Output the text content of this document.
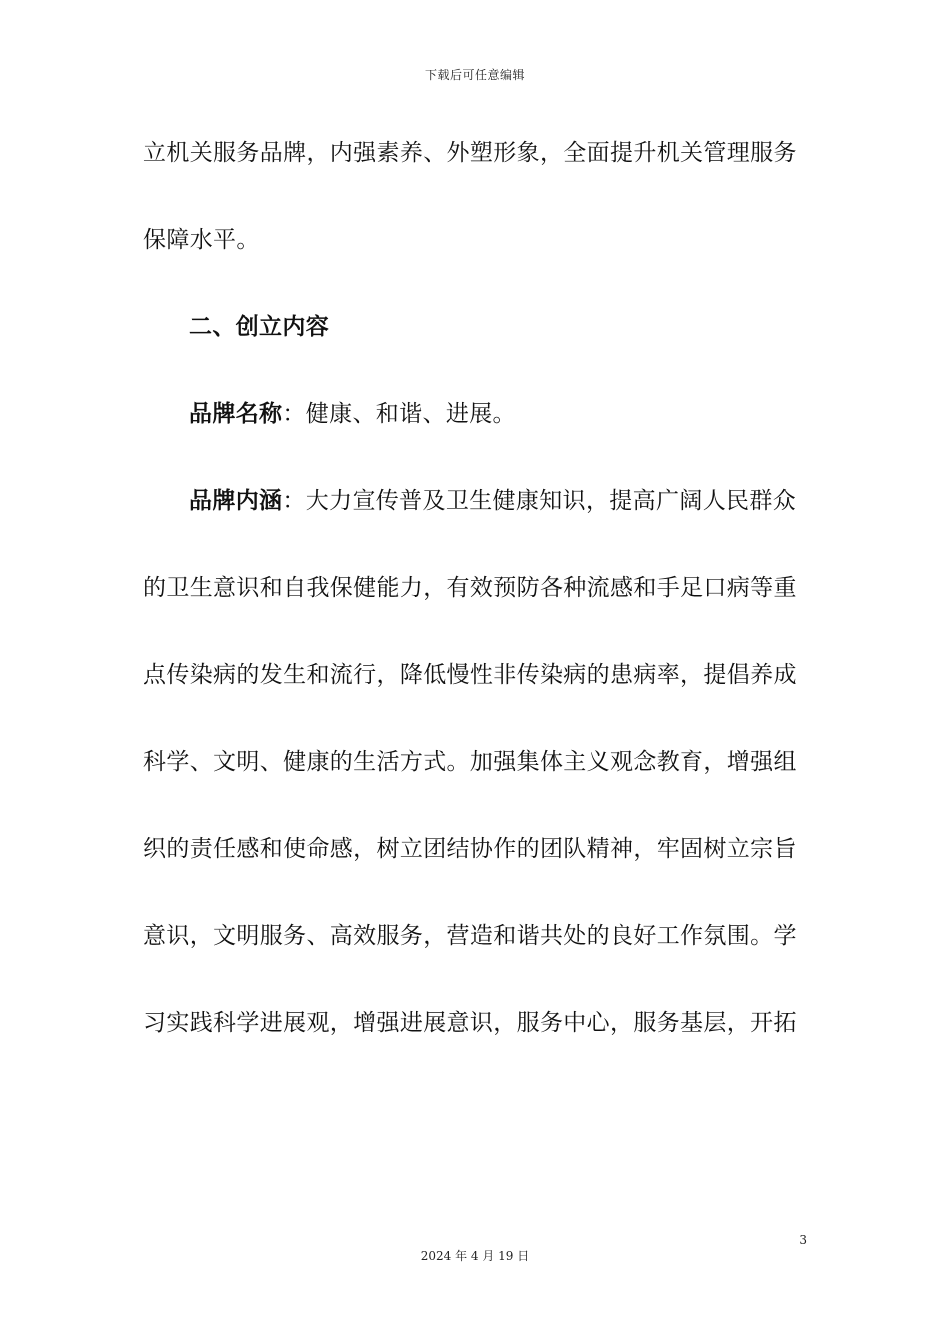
下载后可任意编辑
立机关服务品牌，内强素养、外塑形象，全面提升机关管理服务
保障水平。
二、创立内容
品牌名称：健康、和谐、进展。
品牌内涵：大力宣传普及卫生健康知识，提高广阔人民群众
的卫生意识和自我保健能力，有效预防各种流感和手足口病等重
点传染病的发生和流行，降低慢性非传染病的患病率，提倡养成
科学、文明、健康的生活方式。加强集体主义观念教育，增强组
织的责任感和使命感，树立团结协作的团队精神，牢固树立宗旨
意识，文明服务、高效服务，营造和谐共处的良好工作氛围。学
习实践科学进展观，增强进展意识，服务中心，服务基层，开拓
3
2024 年 4 月 19 日
